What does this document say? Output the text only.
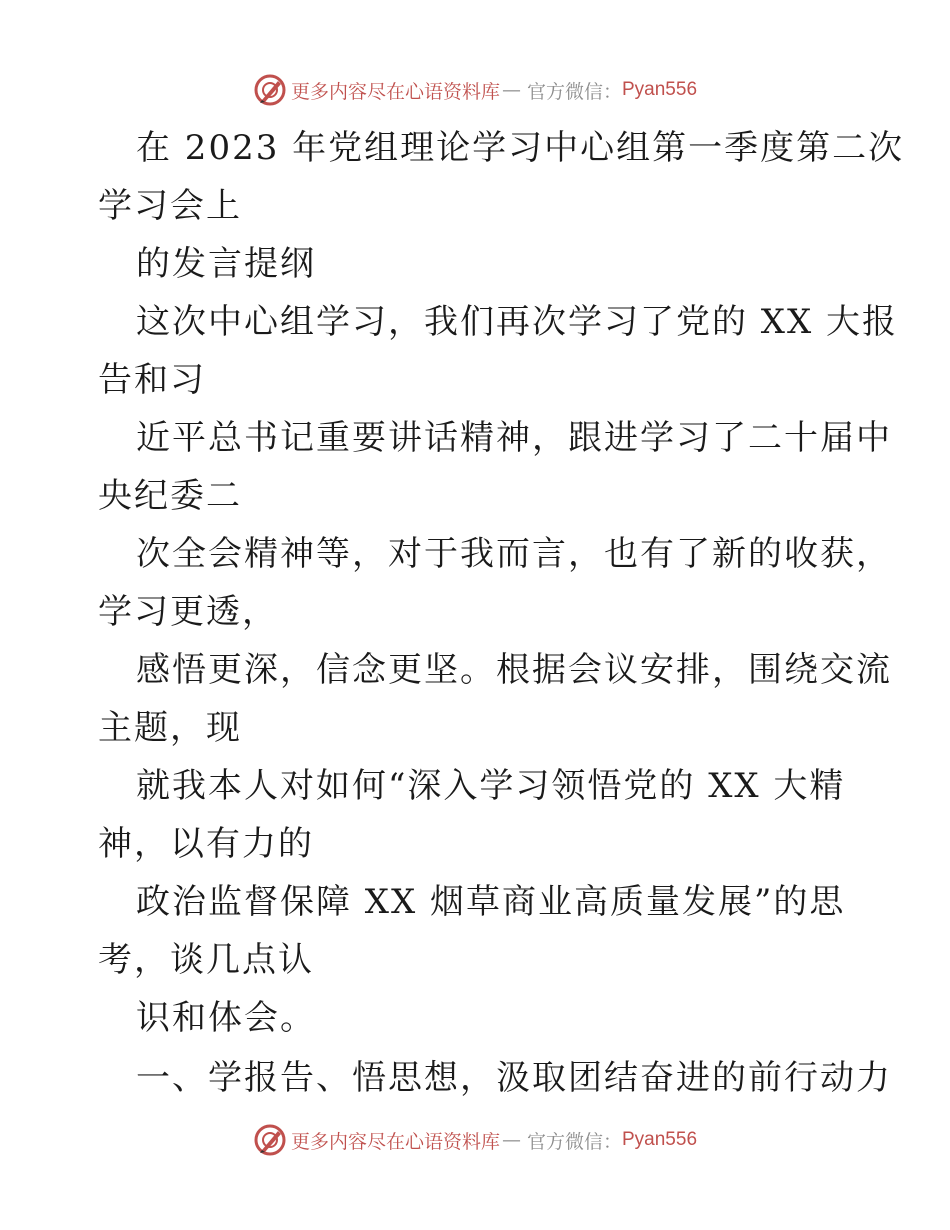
更多内容尽在心语资料库 — 官方微信： Pyan556
在 2023 年党组理论学习中心组第一季度第二次
学习会上
的发言提纲
这次中心组学习，我们再次学习了党的 XX 大报
告和习
近平总书记重要讲话精神，跟进学习了二十届中
央纪委二
次全会精神等，对于我而言，也有了新的收获，
学习更透，
感悟更深，信念更坚。根据会议安排，围绕交流
主题，现
就我本人对如何“深入学习领悟党的 XX 大精
神，以有力的
政治监督保障 XX 烟草商业高质量发展”的思
考，谈几点认
识和体会。
一、学报告、悟思想，汲取团结奋进的前行动力
更多内容尽在心语资料库 — 官方微信： Pyan556
